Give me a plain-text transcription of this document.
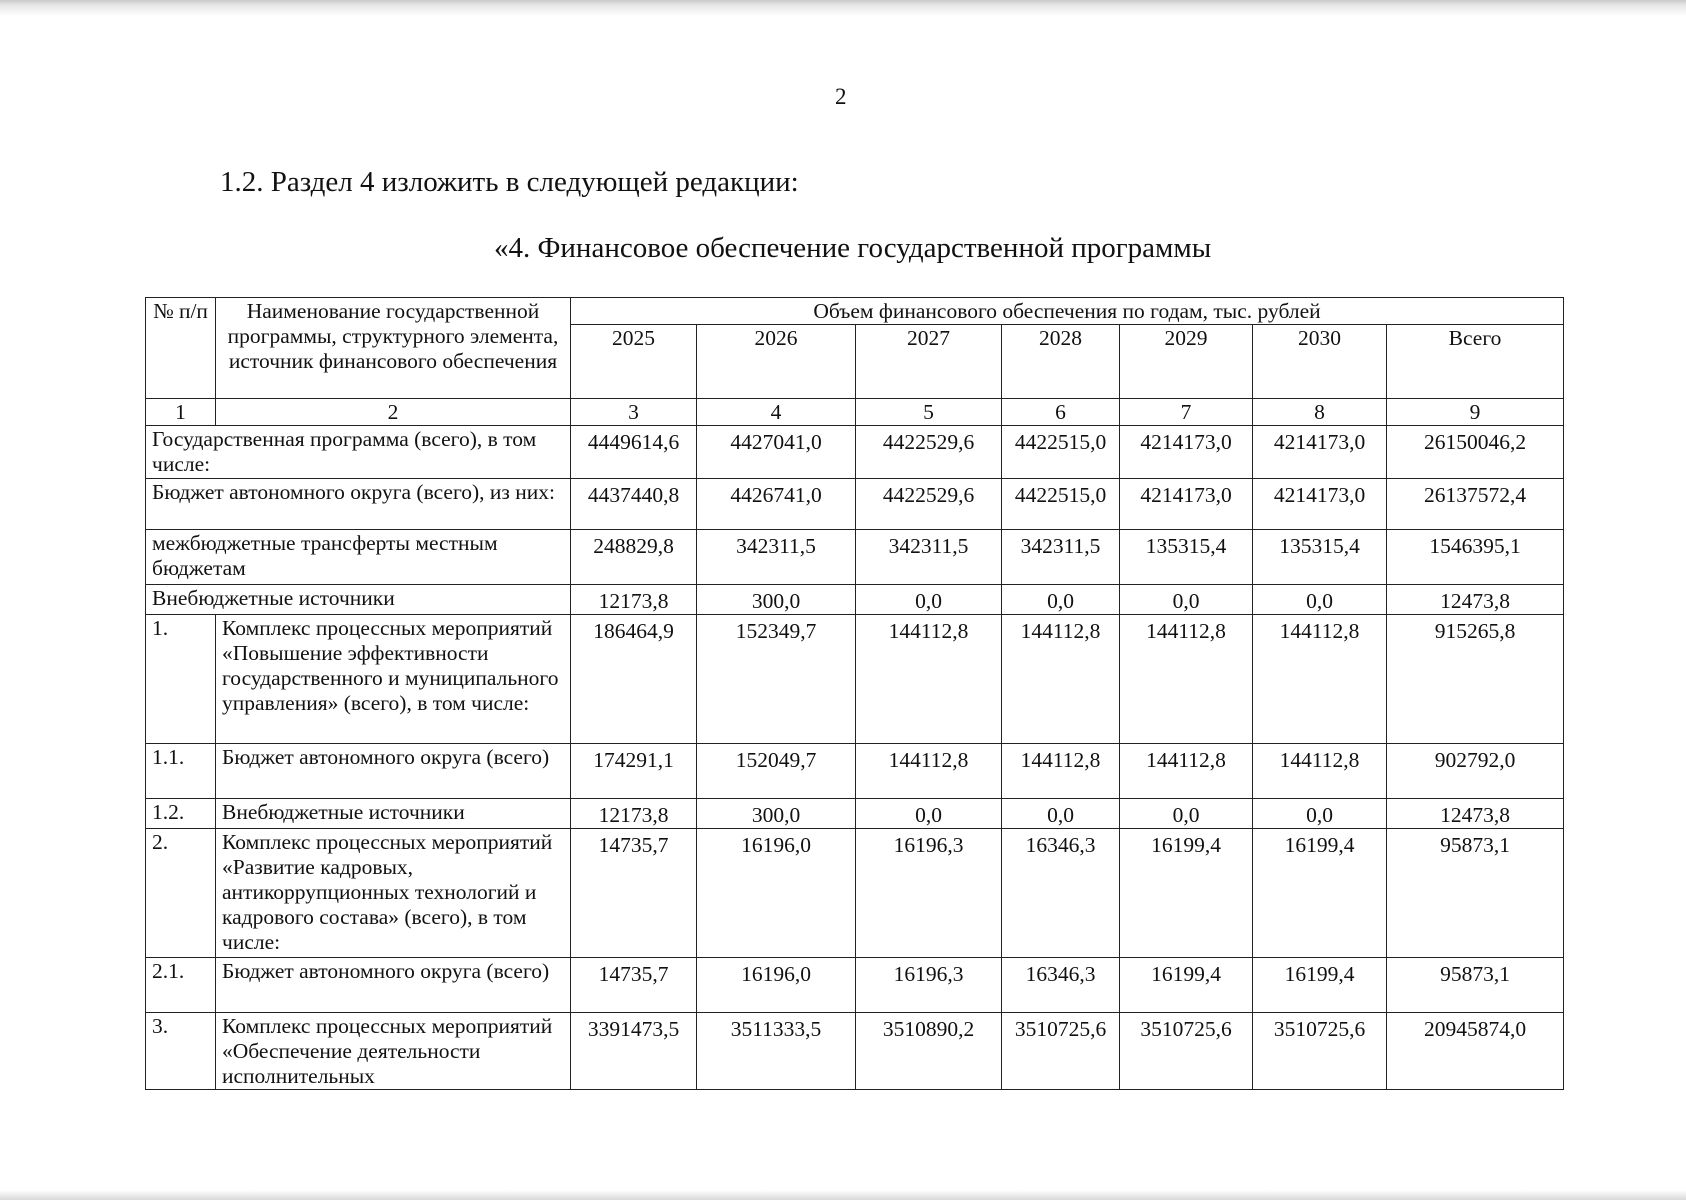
2
1.2. Раздел 4 изложить в следующей редакции:
«4. Финансовое обеспечение государственной программы
№ п/п	Наименование государственной программы, структурного элемента, источник финансового обеспечения	Объем финансового обеспечения по годам, тыс. рублей						
		2025	2026	2027	2028	2029	2030	Всего
1	2	3	4	5	6	7	8	9
Государственная программа (всего), в том числе:		4449614,6	4427041,0	4422529,6	4422515,0	4214173,0	4214173,0	26150046,2
Бюджет автономного округа (всего), из них:		4437440,8	4426741,0	4422529,6	4422515,0	4214173,0	4214173,0	26137572,4
межбюджетные трансферты местным бюджетам		248829,8	342311,5	342311,5	342311,5	135315,4	135315,4	1546395,1
Внебюджетные источники		12173,8	300,0	0,0	0,0	0,0	0,0	12473,8
1.	Комплекс процессных мероприятий «Повышение эффективности государственного и муниципального управления» (всего), в том числе:	186464,9	152349,7	144112,8	144112,8	144112,8	144112,8	915265,8
1.1.	Бюджет автономного округа (всего)	174291,1	152049,7	144112,8	144112,8	144112,8	144112,8	902792,0
1.2.	Внебюджетные источники	12173,8	300,0	0,0	0,0	0,0	0,0	12473,8
2.	Комплекс процессных мероприятий «Развитие кадровых, антикоррупционных технологий и кадрового состава» (всего), в том числе:	14735,7	16196,0	16196,3	16346,3	16199,4	16199,4	95873,1
2.1.	Бюджет автономного округа (всего)	14735,7	16196,0	16196,3	16346,3	16199,4	16199,4	95873,1
3.	Комплекс процессных мероприятий «Обеспечение деятельности исполнительных	3391473,5	3511333,5	3510890,2	3510725,6	3510725,6	3510725,6	20945874,0
